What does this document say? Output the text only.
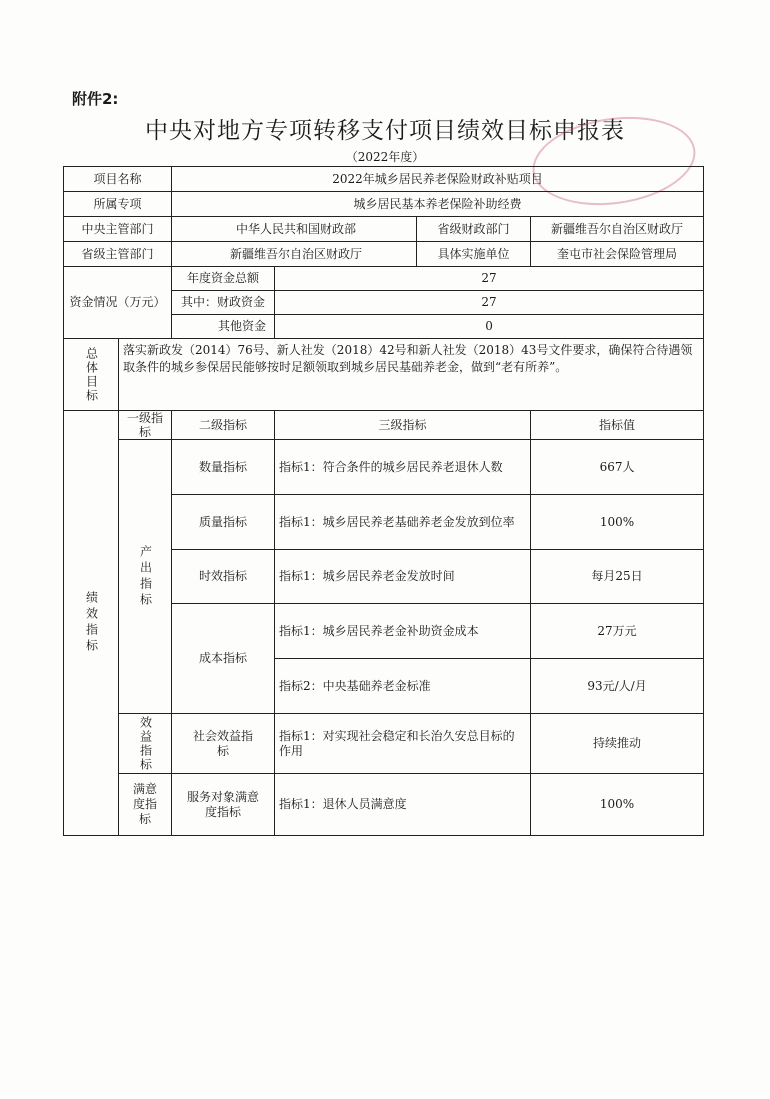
附件2:
中央对地方专项转移支付项目绩效目标申报表
（2022年度）
项目名称		2022年城乡居民养老保险财政补贴项目		
所属专项		城乡居民基本养老保险补助经费		
中央主管部门		中华人民共和国财政部 省级财政部门		新疆维吾尔自治区财政厅
省级主管部门		新疆维吾尔自治区财政厅 具体实施单位		奎屯市社会保险管理局
资金情况（万元）		年度资金总额	27	
		其中：财政资金	27	
		其他资金	0	
总体目标	落实新政发（2014）76号、新人社发（2018）42号和新人社发（2018）43号文件要求，确保符合待遇领取条件的城乡参保居民能够按时足额领取到城乡居民基础养老金，做到“老有所养”。			
绩效指标	一级指标	二级指标	三级指标	指标值
	产出指标	数量指标	指标1：符合条件的城乡居民养老退休人数	667人
		质量指标	指标1：城乡居民养老基础养老金发放到位率	100%
		时效指标	指标1：城乡居民养老金发放时间	每月25日
		成本指标	指标1：城乡居民养老金补助资金成本	27万元
			指标2：中央基础养老金标准	93元/人/月
	效益指标	社会效益指标	指标1：对实现社会稳定和长治久安总目标的作用	持续推动
	满意度指标	服务对象满意度指标	指标1：退休人员满意度	100%
